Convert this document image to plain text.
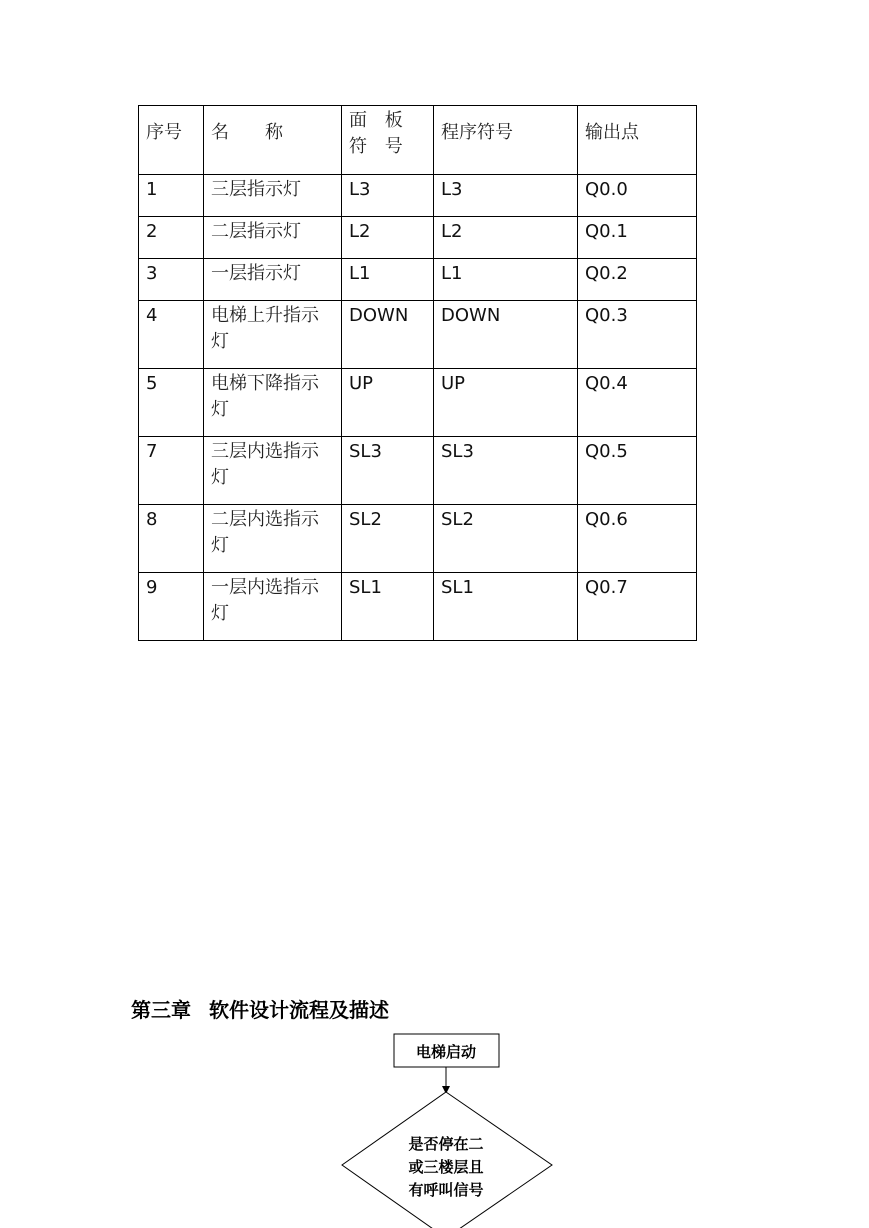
序号	名　　称	面 板 符 号	程序符号	输出点

1	三层指示灯	L3	L3	Q0.0
2	二层指示灯	L2	L2	Q0.1
3	一层指示灯	L1	L1	Q0.2
4	电梯上升指示灯	DOWN	DOWN	Q0.3
5	电梯下降指示灯	UP	UP	Q0.4
7	三层内选指示灯	SL3	SL3	Q0.5
8	二层内选指示灯	SL2	SL2	Q0.6
9	一层内选指示灯	SL1	SL1	Q0.7
第三章 软件设计流程及描述
电梯启动
是否停在二
或三楼层且
有呼叫信号
